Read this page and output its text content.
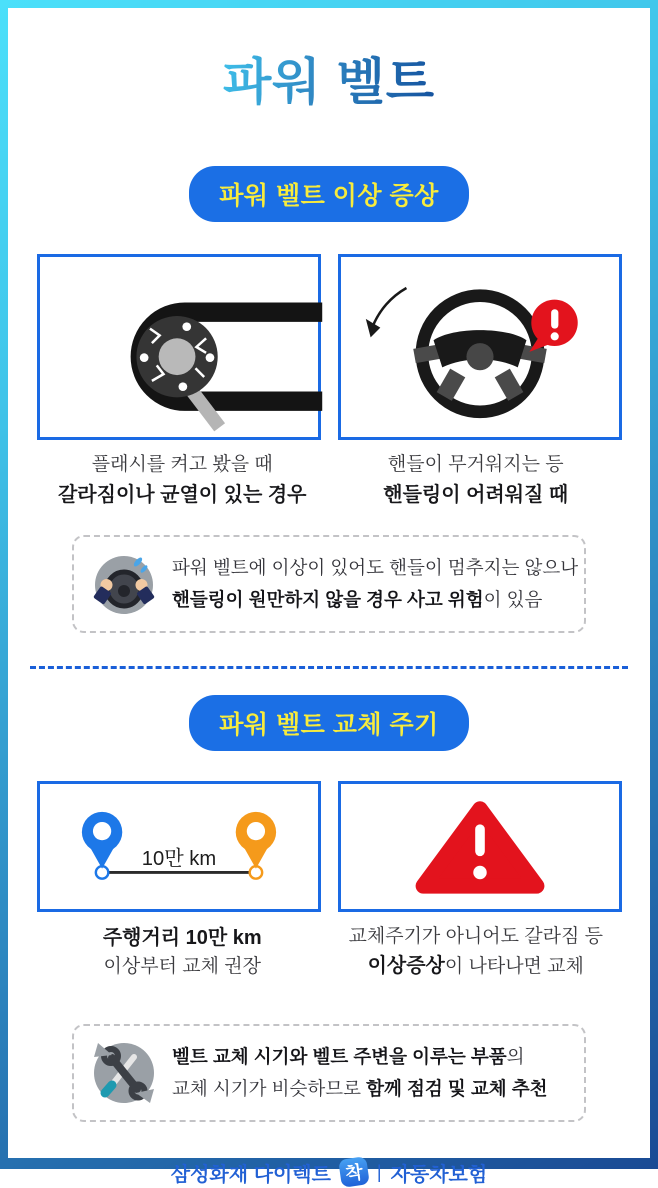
파워 벨트
파워 벨트 이상 증상
플래시를 켜고 봤을 때
갈라짐이나 균열이 있는 경우
핸들이 무거워지는 등
핸들링이 어려워질 때
파워 벨트에 이상이 있어도 핸들이 멈추지는 않으나
핸들링이 원만하지 않을 경우 사고 위험이 있음
파워 벨트 교체 주기
10만 km
주행거리 10만 km
이상부터 교체 권장
교체주기가 아니어도 갈라짐 등
이상증상이 나타나면 교체
벨트 교체 시기와 벨트 주변을 이루는 부품의
교체 시기가 비슷하므로 함께 점검 및 교체 추천
삼성화재 다이렉트 착 | 자동차보험
